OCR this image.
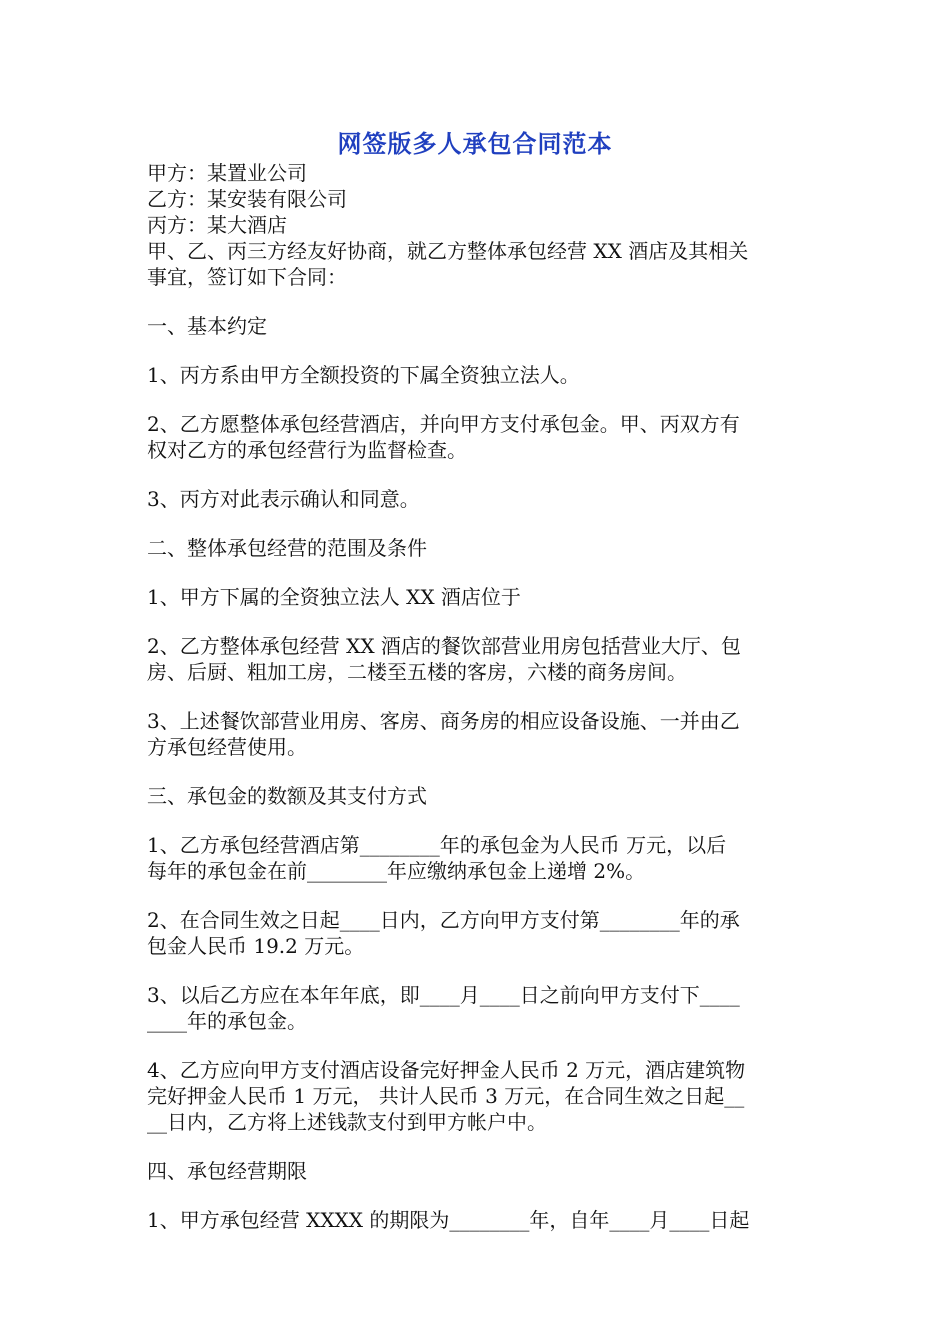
网签版多人承包合同范本
甲方：某置业公司
乙方：某安装有限公司
丙方：某大酒店
甲、乙、丙三方经友好协商，就乙方整体承包经营 XX 酒店及其相关
事宜，签订如下合同：
一、基本约定
1、丙方系由甲方全额投资的下属全资独立法人。
2、乙方愿整体承包经营酒店，并向甲方支付承包金。甲、丙双方有
权对乙方的承包经营行为监督检查。
3、丙方对此表示确认和同意。
二、整体承包经营的范围及条件
1、甲方下属的全资独立法人 XX 酒店位于
2、乙方整体承包经营 XX 酒店的餐饮部营业用房包括营业大厅、包
房、后厨、粗加工房，二楼至五楼的客房，六楼的商务房间。
3、上述餐饮部营业用房、客房、商务房的相应设备设施、一并由乙
方承包经营使用。
三、承包金的数额及其支付方式
1、乙方承包经营酒店第________年的承包金为人民币 万元，以后
每年的承包金在前________年应缴纳承包金上递增 2%。
2、在合同生效之日起____日内，乙方向甲方支付第________年的承
包金人民币 19.2 万元。
3、以后乙方应在本年年底，即____月____日之前向甲方支付下____
____年的承包金。
4、乙方应向甲方支付酒店设备完好押金人民币 2 万元，酒店建筑物
完好押金人民币 1 万元， 共计人民币 3 万元，在合同生效之日起__
__日内，乙方将上述钱款支付到甲方帐户中。
四、承包经营期限
1、甲方承包经营 XXXX 的期限为________年，自年____月____日起
